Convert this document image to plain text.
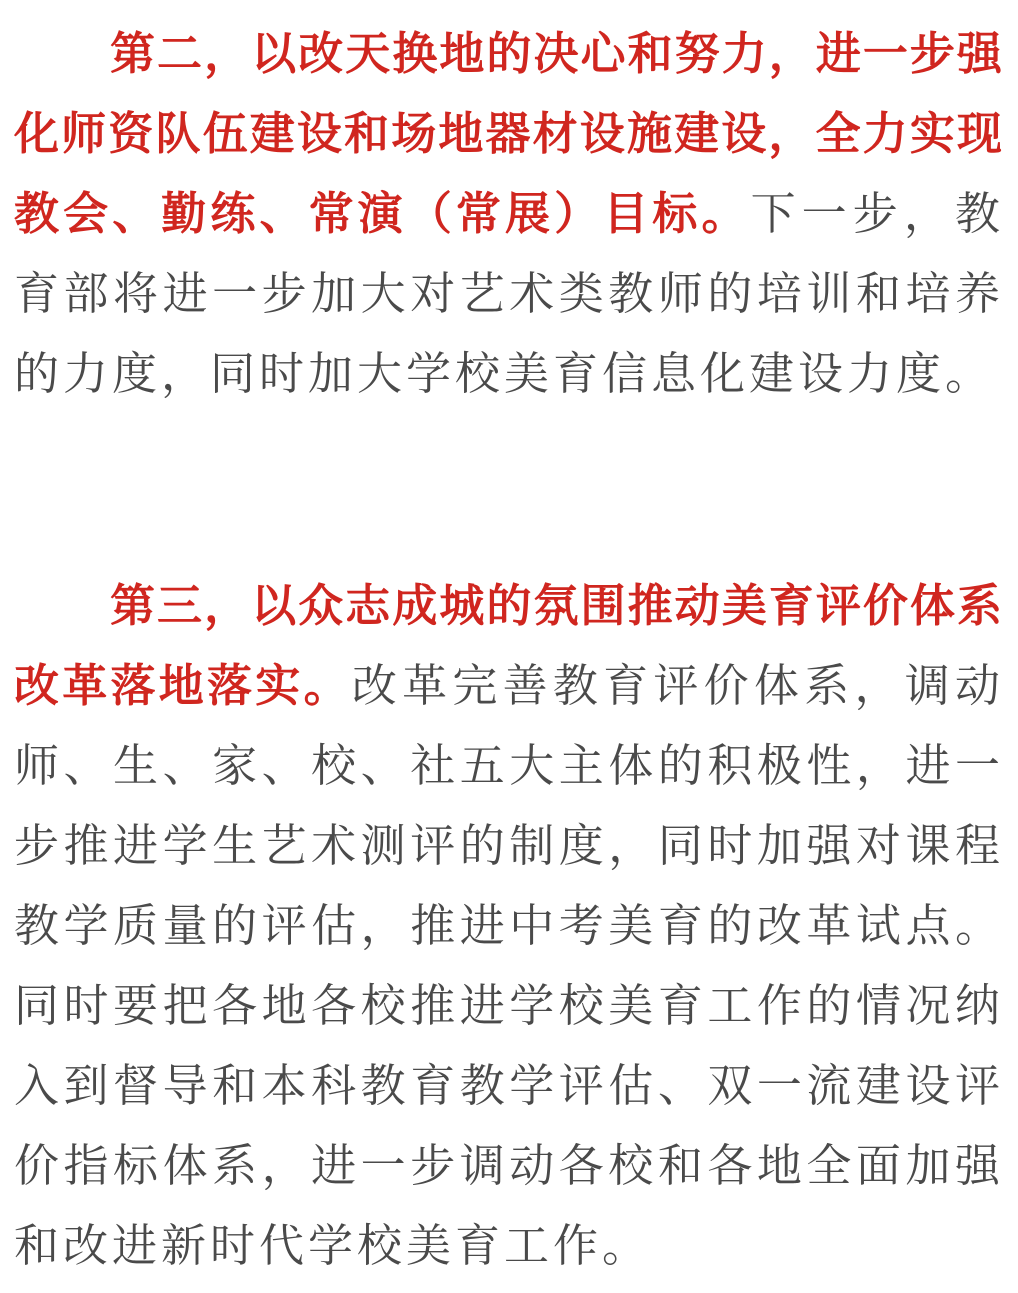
第二，以改天换地的决心和努力，进一步强化师资队伍建设和场地器材设施建设，全力实现教会、勤练、常演（常展）目标。下一步，教育部将进一步加大对艺术类教师的培训和培养的力度，同时加大学校美育信息化建设力度。

第三，以众志成城的氛围推动美育评价体系改革落地落实。改革完善教育评价体系，调动师、生、家、校、社五大主体的积极性，进一步推进学生艺术测评的制度，同时加强对课程教学质量的评估，推进中考美育的改革试点。同时要把各地各校推进学校美育工作的情况纳入到督导和本科教育教学评估、双一流建设评价指标体系，进一步调动各校和各地全面加强和改进新时代学校美育工作。
